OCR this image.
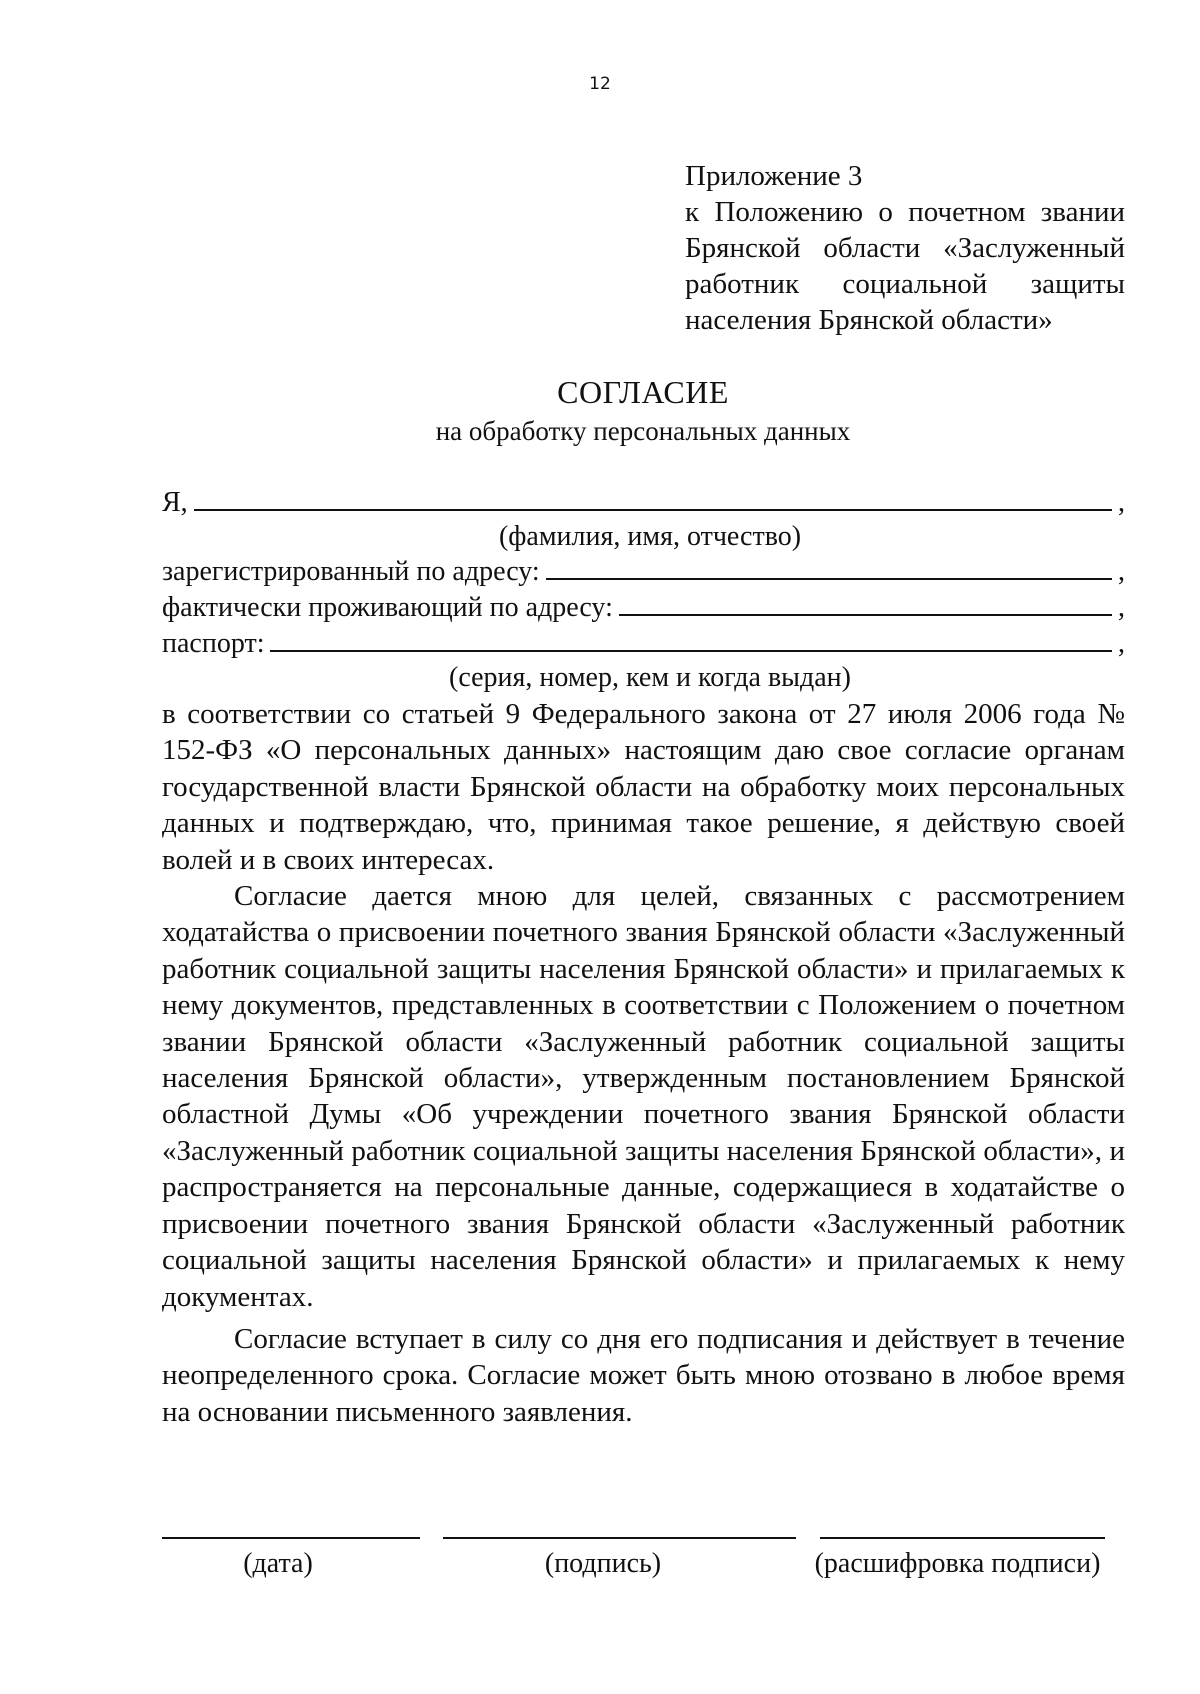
12
Приложение 3
к Положению о почетном звании
Брянской области «Заслуженный
работник социальной защиты
населения Брянской области»
СОГЛАСИЕ
на обработку персональных данных
Я,	,
(фамилия, имя, отчество)
зарегистрированный по адресу:	,
фактически проживающий по адресу:	,
паспорт:	,
(серия, номер, кем и когда выдан)

в соответствии со статьей 9 Федерального закона от 27 июля 2006 года № 152-ФЗ «О персональных данных» настоящим даю свое согласие органам государственной власти Брянской области на обработку моих персональных данных и подтверждаю, что, принимая такое решение, я действую своей волей и в своих интересах.

Согласие дается мною для целей, связанных с рассмотрением ходатайства о присвоении почетного звания Брянской области «Заслуженный работник социальной защиты населения Брянской области» и прилагаемых к нему документов, представленных в соответствии с Положением о почетном звании Брянской области «Заслуженный работник социальной защиты населения Брянской области», утвержденным постановлением Брянской областной Думы «Об учреждении почетного звания Брянской области «Заслуженный работник социальной защиты населения Брянской области», и распространяется на персональные данные, содержащиеся в ходатайстве о присвоении почетного звания Брянской области «Заслуженный работник социальной защиты населения Брянской области» и прилагаемых к нему документах.

Согласие вступает в силу со дня его подписания и действует в течение неопределенного срока. Согласие может быть мною отозвано в любое время на основании письменного заявления.

(дата)	(подпись)	(расшифровка подписи)
